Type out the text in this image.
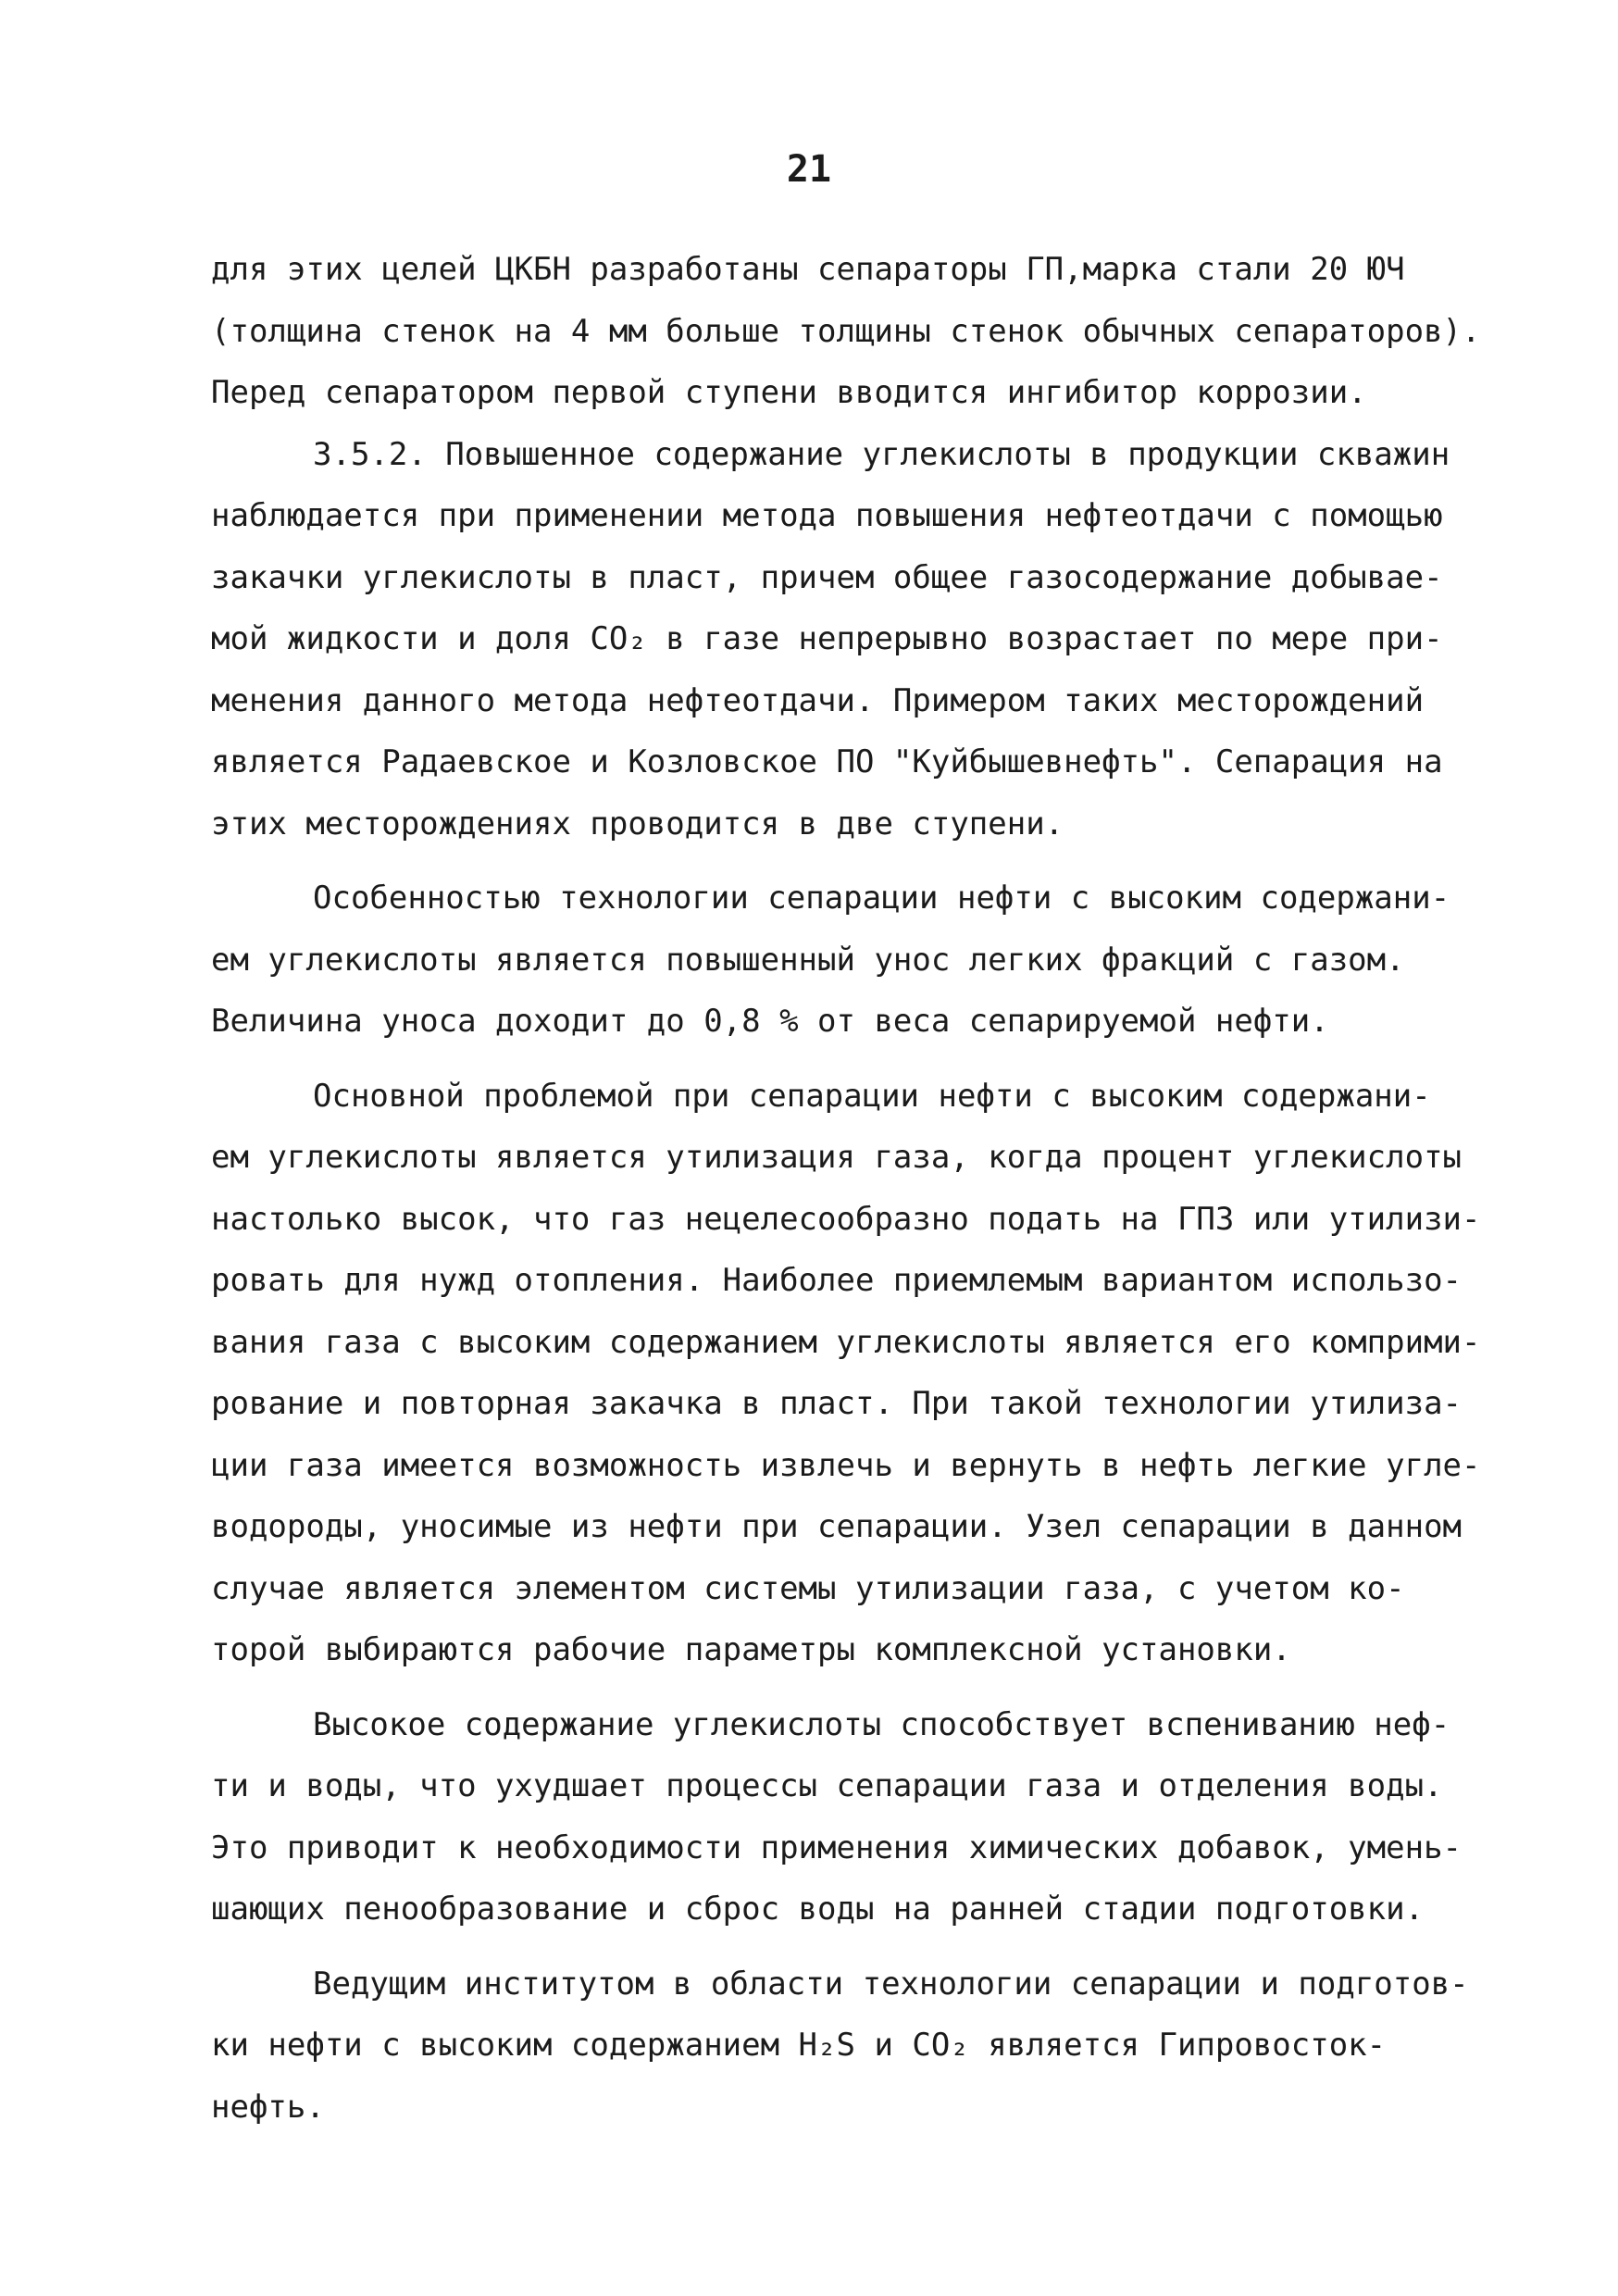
21
для этих целей ЦКБН разработаны сепараторы ГП,марка стали 20 ЮЧ
(толщина стенок на 4 мм больше толщины стенок обычных сепараторов).
Перед сепаратором первой ступени вводится ингибитор коррозии.
3.5.2. Повышенное содержание углекислоты в продукции скважин
наблюдается при применении метода повышения нефтеотдачи с помощью
закачки углекислоты в пласт, причем общее газосодержание добывае-
мой жидкости и доля СО₂ в газе непрерывно возрастает по мере при-
менения данного метода нефтеотдачи. Примером таких месторождений
является Радаевское и Козловское ПО "Куйбышевнефть". Сепарация на
этих месторождениях проводится в две ступени.
Особенностью технологии сепарации нефти с высоким содержани-
ем углекислоты является повышенный унос легких фракций с газом.
Величина уноса доходит до 0,8 % от веса сепарируемой нефти.
Основной проблемой при сепарации нефти с высоким содержани-
ем углекислоты является утилизация газа, когда процент углекислоты
настолько высок, что газ нецелесообразно подать на ГПЗ или утилизи-
ровать для нужд отопления. Наиболее приемлемым вариантом использо-
вания газа с высоким содержанием углекислоты является его комприми-
рование и повторная закачка в пласт. При такой технологии утилиза-
ции газа имеется возможность извлечь и вернуть в нефть легкие угле-
водороды, уносимые из нефти при сепарации. Узел сепарации в данном
случае является элементом системы утилизации газа, с учетом ко-
торой выбираются рабочие параметры комплексной установки.
Высокое содержание углекислоты способствует вспениванию неф-
ти и воды, что ухудшает процессы сепарации газа и отделения воды.
Это приводит к необходимости применения химических добавок, умень-
шающих пенообразование и сброс воды на ранней стадии подготовки.
Ведущим институтом в области технологии сепарации и подготов-
ки нефти с высоким содержанием H₂S и СО₂ является Гипровосток-
нефть.
